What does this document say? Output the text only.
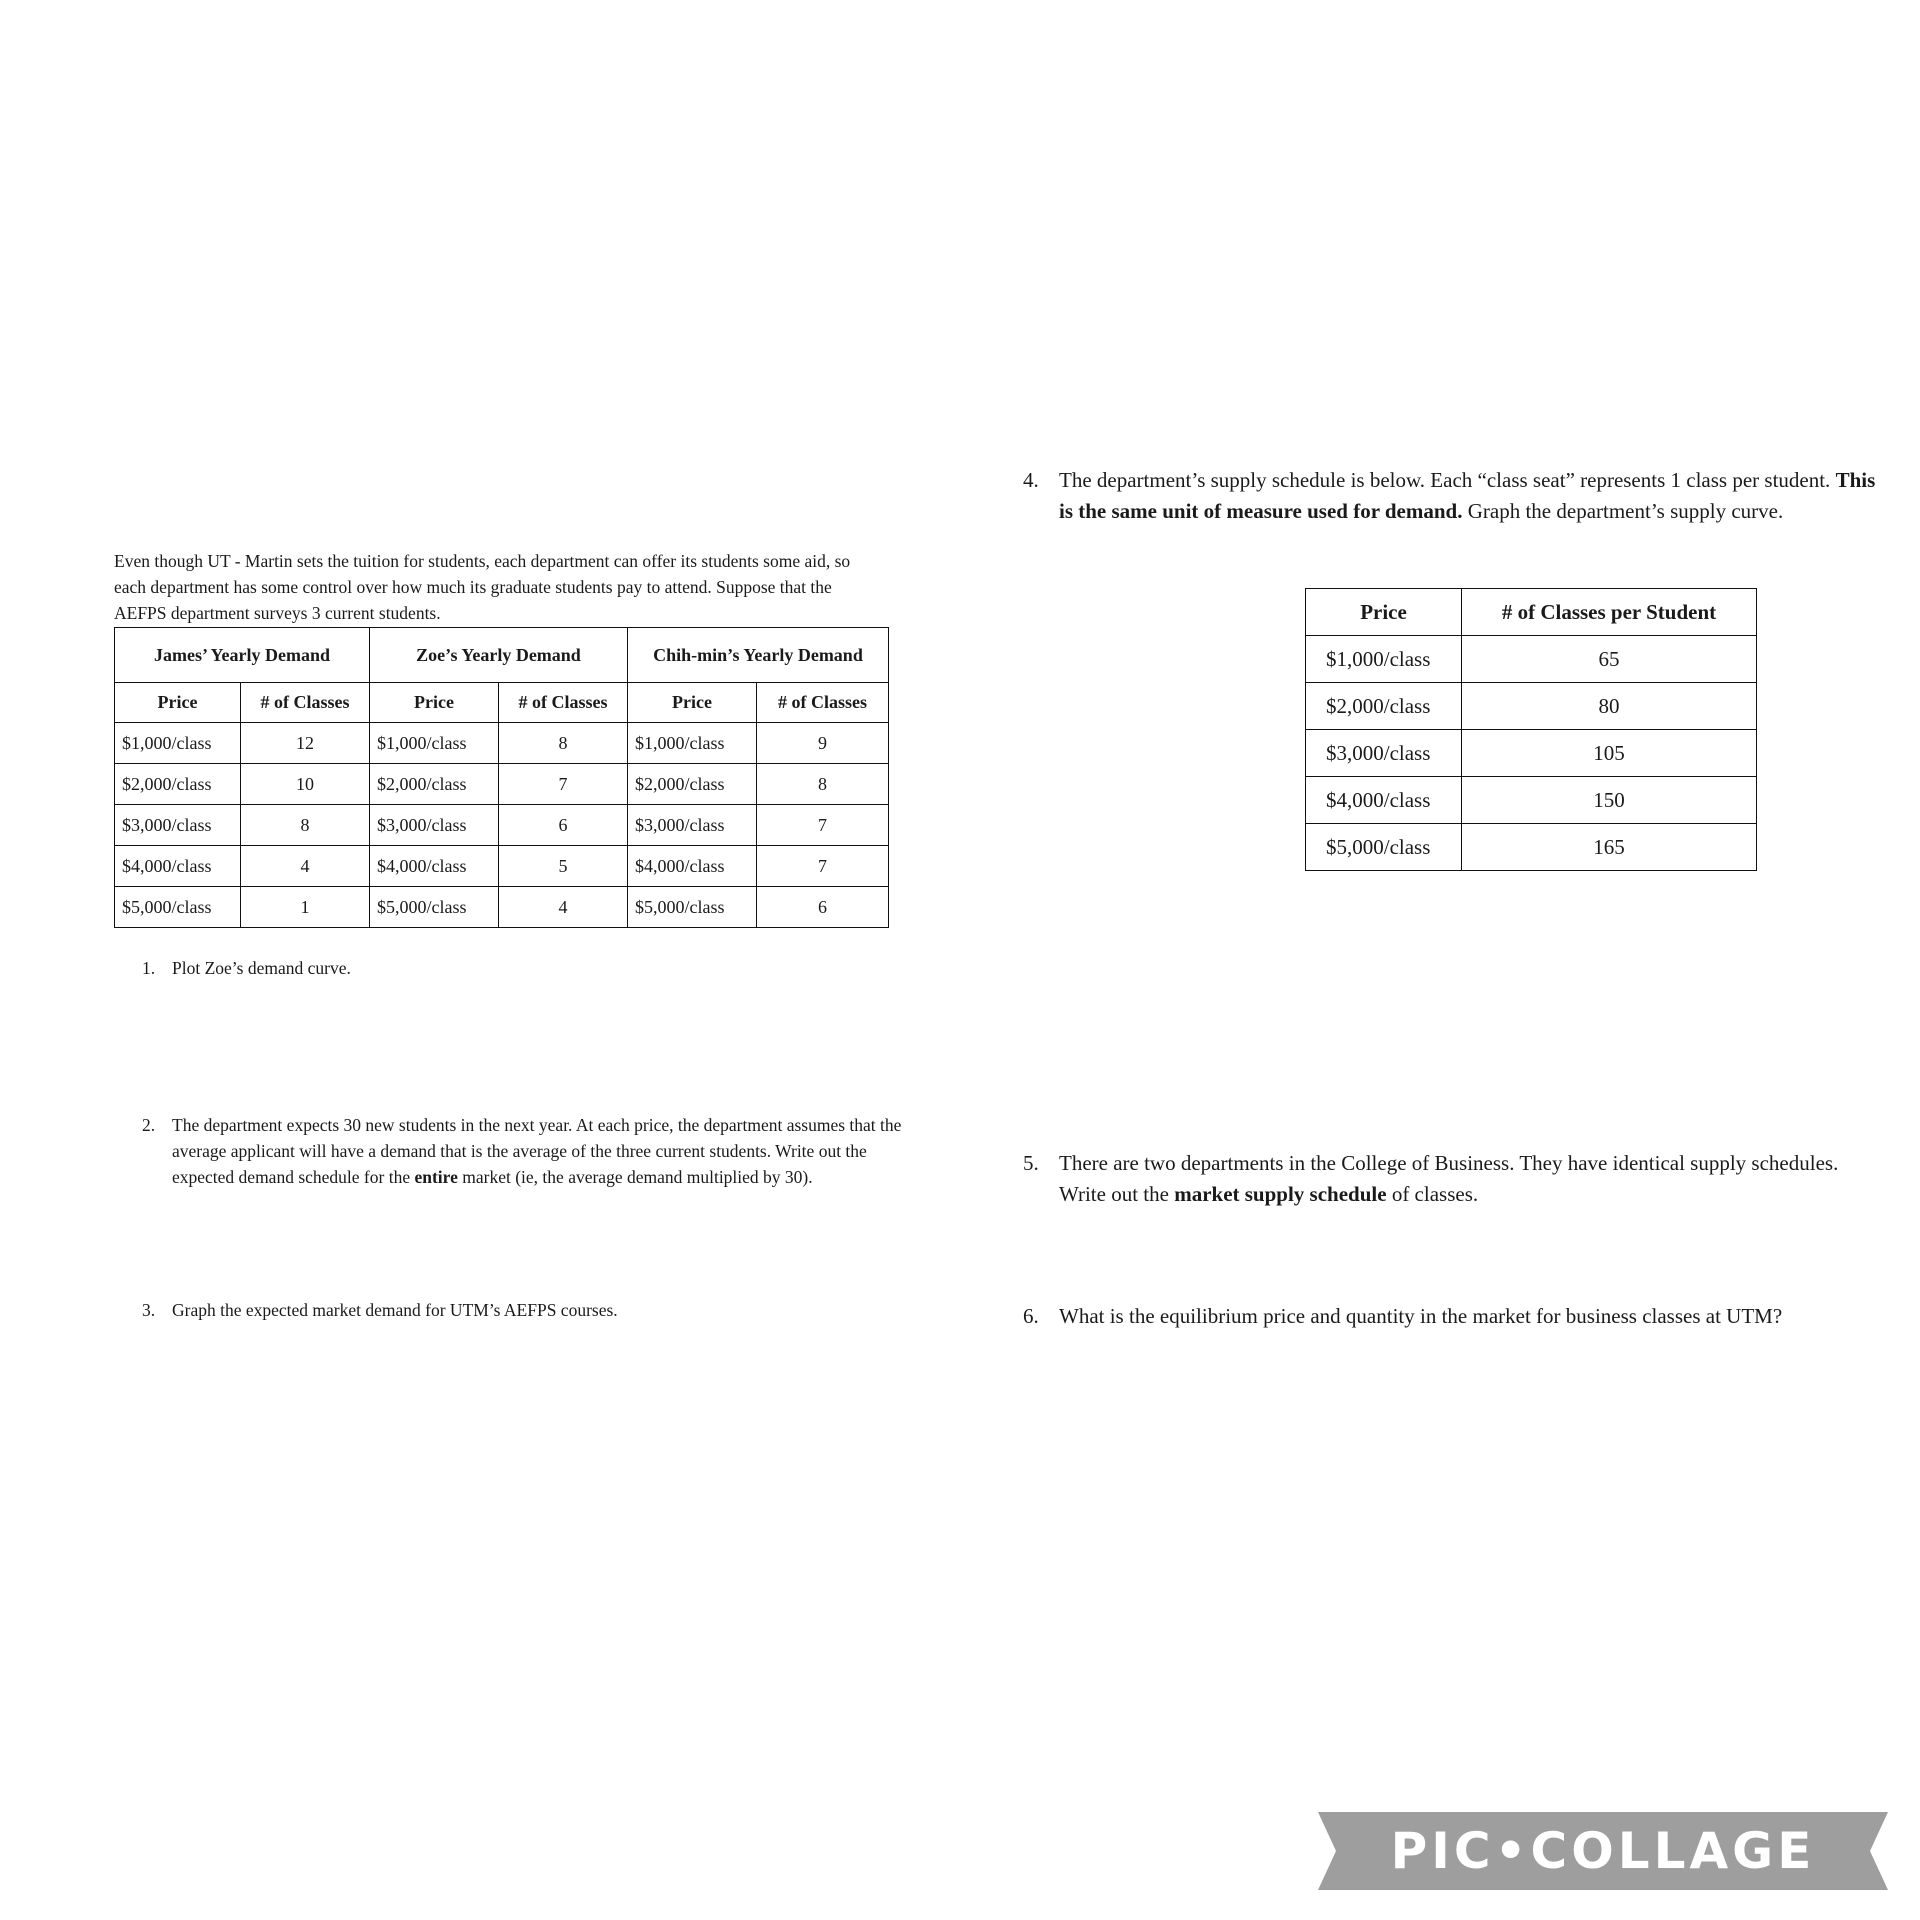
Even though UT - Martin sets the tuition for students, each department can offer its students some aid, so each department has some control over how much its graduate students pay to attend. Suppose that the AEFPS department surveys 3 current students.
James’ Yearly Demand		Zoe’s Yearly Demand		Chih-min’s Yearly Demand	
Price	# of Classes	Price	# of Classes	Price	# of Classes
$1,000/class	12	$1,000/class	8	$1,000/class	9
$2,000/class	10	$2,000/class	7	$2,000/class	8
$3,000/class	8	$3,000/class	6	$3,000/class	7
$4,000/class	4	$4,000/class	5	$4,000/class	7
$5,000/class	1	$5,000/class	4	$5,000/class	6
1. Plot Zoe’s demand curve.
2. The department expects 30 new students in the next year. At each price, the department assumes that the average applicant will have a demand that is the average of the three current students. Write out the expected demand schedule for the entire market (ie, the average demand multiplied by 30).
3. Graph the expected market demand for UTM’s AEFPS courses.
4. The department’s supply schedule is below. Each “class seat” represents 1 class per student. This is the same unit of measure used for demand. Graph the department’s supply curve.
Price	# of Classes per Student
$1,000/class	65
$2,000/class	80
$3,000/class	105
$4,000/class	150
$5,000/class	165
5. There are two departments in the College of Business. They have identical supply schedules. Write out the market supply schedule of classes.
6. What is the equilibrium price and quantity in the market for business classes at UTM?
PIC•COLLAGE
